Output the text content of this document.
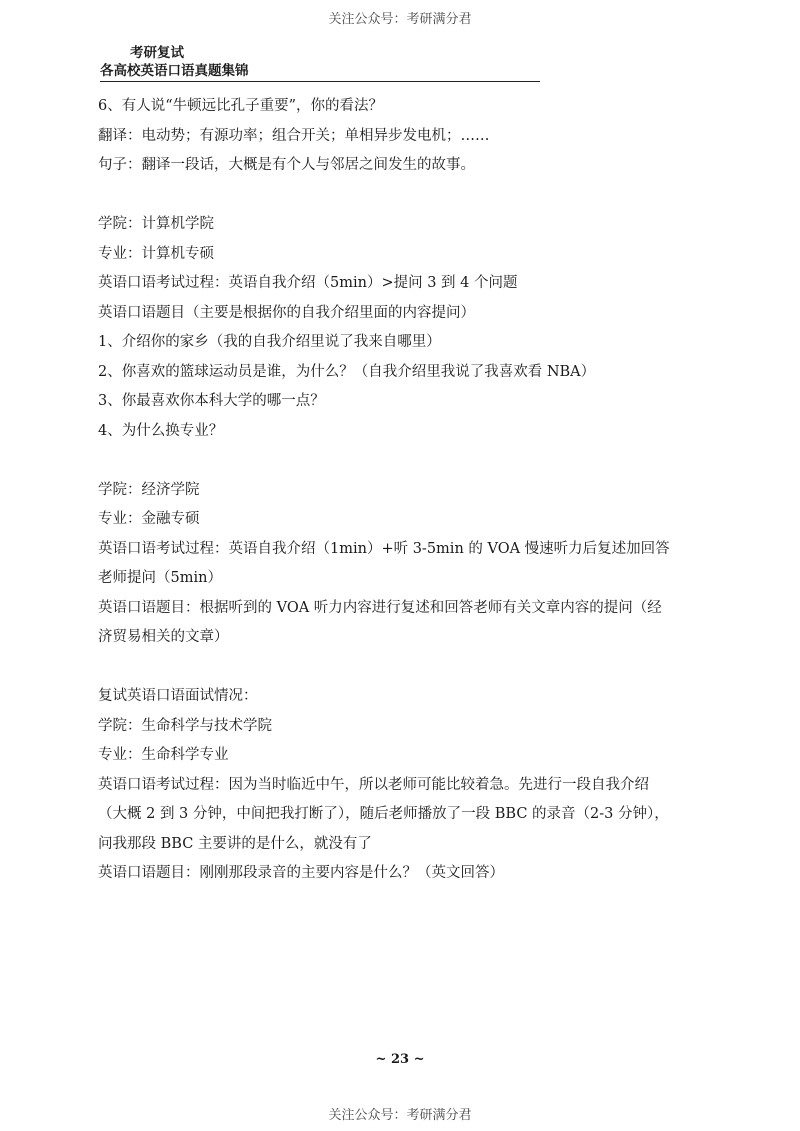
关注公众号：考研满分君
考研复试
各高校英语口语真题集锦
6、有人说“牛顿远比孔子重要”，你的看法？
翻译：电动势；有源功率；组合开关；单相异步发电机；……
句子：翻译一段话，大概是有个人与邻居之间发生的故事。
学院：计算机学院
专业：计算机专硕
英语口语考试过程：英语自我介绍（5min）>提问 3 到 4 个问题
英语口语题目（主要是根据你的自我介绍里面的内容提问）
1、介绍你的家乡（我的自我介绍里说了我来自哪里）
2、你喜欢的篮球运动员是谁，为什么？（自我介绍里我说了我喜欢看 NBA）
3、你最喜欢你本科大学的哪一点？
4、为什么换专业？
学院：经济学院
专业：金融专硕
英语口语考试过程：英语自我介绍（1min）+听 3-5min 的 VOA 慢速听力后复述加回答
老师提问（5min）
英语口语题目：根据听到的 VOA 听力内容进行复述和回答老师有关文章内容的提问（经
济贸易相关的文章）
复试英语口语面试情况：
学院：生命科学与技术学院
专业：生命科学专业
英语口语考试过程：因为当时临近中午，所以老师可能比较着急。先进行一段自我介绍
（大概 2 到 3 分钟，中间把我打断了），随后老师播放了一段 BBC 的录音（2-3 分钟），
问我那段 BBC 主要讲的是什么，就没有了
英语口语题目：刚刚那段录音的主要内容是什么？（英文回答）
~ 23 ~
关注公众号：考研满分君
